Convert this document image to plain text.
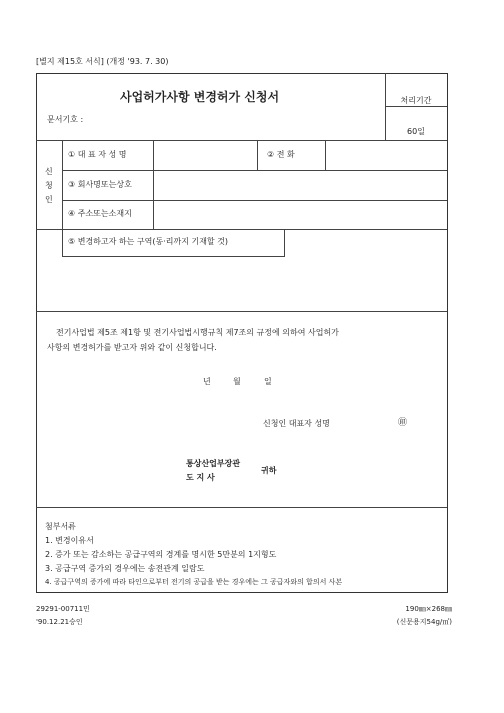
[별지 제15호 서식] (개정 '93. 7. 30)
사업허가사항 변경허가 신청서
문서기호 :
처리기간
60일
신
청
인
① 대 표 자 성 명	② 전 화
③ 회사명또는상호
④ 주소또는소재지
⑤ 변경하고자 하는 구역(동·리까지 기재할 것)
전기사업법 제5조 제1항 및 전기사업법시행규칙 제7조의 규정에 의하여 사업허가
사항의 변경허가를 받고자 위와 같이 신청합니다.
년	월	일
신청인 대표자 성명	㊞
통상산업부장관
도 지 사
귀하
첨부서류
1. 변경이유서
2. 증가 또는 감소하는 공급구역의 경계를 명시한 5만분의 1지형도
3. 공급구역 증가의 경우에는 송전관계 일람도
4. 공급구역의 증가에 따라 타인으로부터 전기의 공급을 받는 경우에는 그 공급자와의 합의서 사본
29291-00711민
'90.12.21승인
190㎜×268㎜
(신문용지54g/㎡)
